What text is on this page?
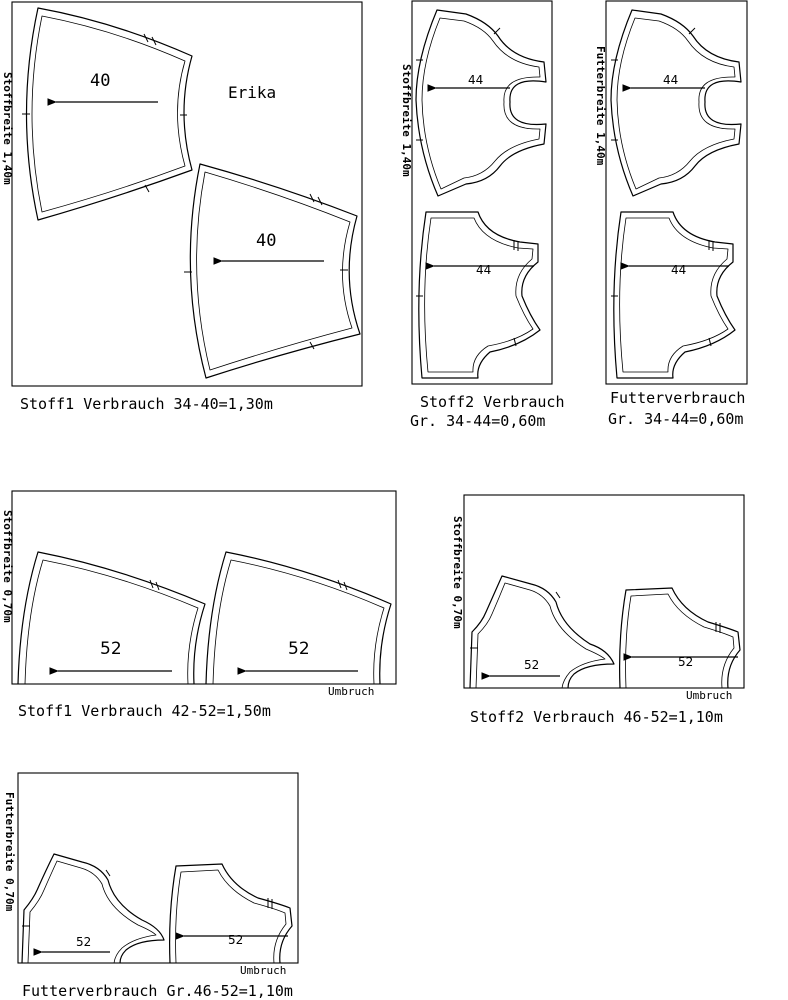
Stoffbreite 1,40m	40
Erika
40
Stoff1 Verbrauch 34-40=1,30m
Stoffbreite 1,40m	44
44
Stoff2 Verbrauch
Gr. 34-44=0,60m
Futterbreite 1,40m	44
44
Futterverbrauch
Gr. 34-44=0,60m
Stoffbreite 0,70m
52	52
Umbruch
Stoff1 Verbrauch 42-52=1,50m
Stoffbreite 0,70m
52	52
Umbruch
Stoff2 Verbrauch 46-52=1,10m
Futterbreite 0,70m
52	52
Umbruch
Futterverbrauch Gr.46-52=1,10m
